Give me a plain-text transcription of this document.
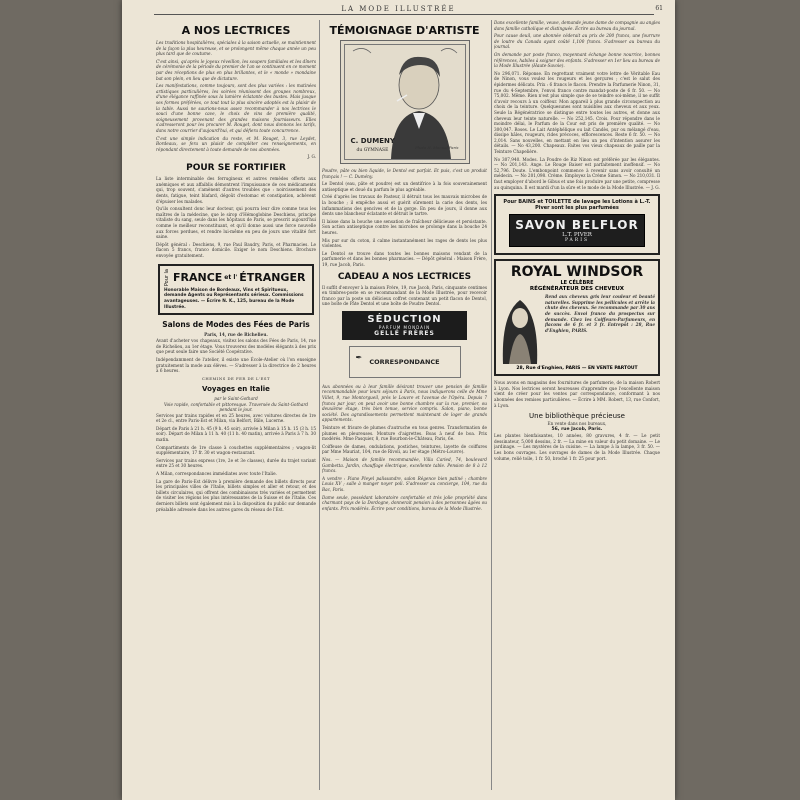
LA MODE ILLUSTRÉE	61
A NOS LECTRICES

Les traditions hospitalières, spéciales à la saison actuelle, se maintiennent de la façon la plus heureuse, et se prolongent même chaque année un peu plus tard que de coutume.

C'est ainsi, qu'après le joyeux réveillon, les soupers familiales et les dîners de cérémonie de la période du premier de l'an se continuent en ce moment par des réceptions de plus en plus brillantes, et le « monde » mondaine bat son plein, en lieu que de dictature.

Les manifestations, comme toujours, sont des plus variées : les matinées artistiques particulières, les soirées réunissent des groupes nombreux, d'une élégance raffinée sous la lumière éclatante des bustes. Mais jusque ses formes préférées, ce tout tout la plus sincère adoptés est la plaisir de la table. Aussi ne saurions-nous assez recommander à nos lectrices le souci d'une bonne cave, le choix de vins de première qualité, soigneusement provenant des grandes maisons fournisseurs. Elles s'adresseront pour les procurer M. Rouget, dont nous donnons les tarifs, dans notre courrier d'aujourd'hui, et qui défiera toute concurrence.

C'est une simple indication du reste, et M. Rouget, 3, rue Leydet, Bordeaux, se fera un plaisir de compléter ces renseignements, en répondant directement à toute demande de nos abonnées.

J. G.
POUR SE FORTIFIER

La liste interminable des ferrugineux et autres remèdes offerts aux anémiques et aux affaiblis démontrent l'impuissance de ces médicaments qui, trop souvent, s'amènent d'autres troubles que : noircissement des dents, fatigue, teint blafard, dégoût d'estomac et constipation, achèvent d'épuiser les malades.

Qu'ils consultent donc leur docteur, qui pourra leur dire comme tous les maîtres de la médecine, que le sirop d'Hémoglobine Deschiens, principe vitaliste du sang, seule dans les hôpitaux de Paris, se prescrit aujourd'hui comme le meilleur reconstituant, et qu'il donne aussi une force nouvelle aux forces perdues, et rendre lui-même en peu de jours une vitalité fort saine.

Dépôt général : Deschiens, 9, rue Paul Baudry, Paris, et Pharmacies. Le flacon 5 francs, franco domicile. Exiger le nom Deschiens. Brochure envoyée gratuitement.

Pour la FRANCE et l' ÉTRANGER
Honorable Maison de Bordeaux, Vins et Spiritueux, demande Agents ou Représentants sérieux. Commissions avantageuses. — Écrire N. K., 125, bureau de la Mode Illustrée.
Salons de Modes des Fées de Paris
Paris, 14, rue de Richelieu.

Avant d'acheter vos chapeaux, visitez les salons des Fées de Paris, 14, rue de Richelieu, au 1er étage. Vous trouverez des modèles élégants à des prix que peut seule faire une Société Coopérative.

Indépendamment de l'atelier, il existe une École-Atelier où l'on enseigne gratuitement la mode aux élèves. — S'adresser à la directrice de 2 heures à 6 heures.

CHEMINS DE FER DE L'EST
Voyages en Italie
par le Saint-Gothard
Voie rapide, confortable et pittoresque. Traversée du Saint-Gothard pendant le jour.

Services par trains rapides et en 25 heures, avec voitures directes de 1re et 2e cl., entre Paris-Est et Milan, via Belfort, Bâle, Lucerne.

Départ de Paris à 21 h. 45 (9 h. 45 soir), arrivée à Milan à 15 h. 15 (3 h. 15 soir). Départ de Milan à 11 h. 40 (11 h. 40 matin), arrivée à Paris à 7 h. 30 matin.

Compartiments de 1re classe à couchettes supplémentaires ; wagon-lit supplémentaire, 17 fr. 30 et wagon-restaurant.

Services par trains express (1re, 2e et 3e classes), durée du trajet variant entre 25 et 30 heures.

A Milan, correspondances immédiates avec toute l'Italie.

La gare de Paris-Est délivre à première demande des billets directs pour les principales villes de l'Italie, billets simples et aller et retour, et des billets circulaires, qui offrent des combinaisons très variées et permettent de visiter les régions les plus intéressantes de la Suisse et de l'Italie. Ces derniers billets sont également mis à la disposition du public sur demande préalable adressée dans les autres gares du réseau de l'Est.

TÉMOIGNAGE D'ARTISTE
C. DUMENY
du GYMNASE
Photo H. Manuel Paris

Poudre, pâte ou bien liquide, le Dentol est parfait. Et puis, c'est un produit français ! — C. Dumény.

Le Dentol (eau, pâte et poudre) est un dentifrice à la fois souverainement antiseptique et doué du parfum le plus agréable.

Créé d'après les travaux de Pasteur, il détruit tous les mauvais microbes de la bouche ; il empêche aussi et guérit sûrement la carie des dents, les inflammations des gencives et de la gorge. En peu de jours, il donne aux dents une blancheur éclatante et détruit le tartre.

Il laisse dans la bouche une sensation de fraîcheur délicieuse et persistante. Son action antiseptique contre les microbes se prolonge dans la bouche 24 heures.

Mis pur sur du coton, il calme instantanément les rages de dents les plus violentes.

Le Dentol se trouve dans toutes les bonnes maisons vendant de la parfumerie et dans les bonnes pharmacies. — Dépôt général : Maison Frère, 19, rue Jacob, Paris.

CADEAU A NOS LECTRICES

Il suffit d'envoyer à la maison Frère, 19, rue Jacob, Paris, cinquante centimes en timbres-poste en se recommandant de la Mode Illustrée, pour recevoir franco par la poste un délicieux coffret contenant un petit flacon de Dentol, une boîte de Pâte Dentol et une boîte de Poudre Dentol.

SÉDUCTION
PARFUM MONDAIN
GELLÉ FRÈRES
✒ CORRESPONDANCE

Aux abonnées ou à leur famille désirant trouver une pension de famille recommandable pour leurs séjours à Paris, nous indiquerons celle de Mme Villet, 9, rue Montorgueil, près le Louvre et l'avenue de l'Opéra. Depuis 7 francs par jour, on peut avoir une bonne chambre sur la rue, premier, ou deuxième étage, très bien tenue, service compris. Salon, piano, bonne société. Des agrandissements permettent maintenant de loger de grands appartements.

Teinture et frisure de plumes d'autruche en tous genres. Transformation de plumes en pleureuses. Monture d'aigrettes. Boas à neuf de boa. Prix modérés. Mme Pasquier, 8, rue Bourbon-le-Château, Paris, 6e.

Coiffeuse de dames, ondulations, postiches, teintures, layette de coiffures par Mme Mauriat, 104, rue de Rivoli, au 1er étage (Métro-Louvre).

Nos. — Maison de famille recommandée, Villa Caried, 74, boulevard Gambetta. Jardin, chauffage électrique, excellente table. Pension de 8 à 12 francs.

A vendre : Piano Pleyel palissandre, salon Régence bien patiné ; chambre Louis XV ; salle à manger noyer poli. S'adresser au concierge, 104, rue du Bac, Paris.

Dame seule, possédant laboratoire confortable et très jolie propriété dans charmant pays de la Dordogne, donnerait pension à des personnes âgées ou enfants. Prix modérés. Écrire pour conditions, bureau de la Mode Illustrée.

Dans excellente famille, veuve, demande jeune dame de compagnie au angles dans famille catholique et distinguée. Écrire au bureau du journal.

Pour cause deuil, une abonnée céderait au prix de 200 francs, une fourrure de loutre du Canada ayant coûté 1,100 francs. S'adresser au bureau du journal.

On demande par poste franco, moyennant échange bonne nourrice, bonnes références, habiles à soigner des enfants. S'adresser en 1er lieu au bureau de la Mode Illustrée (Haute-Savoie).

No 296,071. Réponse. En regrettant vraiment votre lettre de Véritable Eau de Ninon, vous voulez les rougeurs et les gerçures ; c'est le salut des épidermes délicats. Prix : 6 francs le flacon. Prendre la Parfumerie Ninon, 31, rue du 4-Septembre, l'envoi franco contre mandat-poste de 6 fr. 50. — No 75,002. Même. Rien n'est plus simple que de se teindre soi-même, il ne suffit d'avoir recours à un coiffeur. Mon appareil à plus grande circonspection au choix de la teinture. Quelquesunes sont nuisibles aux cheveux et aux yeux. Seule la Régénératrice se distingue entre toutes les autres, et donne aux cheveux leur teinte naturelle. — No 252,145. Crois. Pour répondre dans le moindre délai, le Parfum de la Cour est pris de première qualité. — No 300,047. Roses. Le Lait Antéphélique ou lait Candès, pur ou mélangé d'eau, dissipe hâles, rougeurs, rides précoces, efflorescences. Reste 6 fr. 50. — No 2,014. Sans nouvelles, en mettant en lieu un peu d'intention assurer les détails. — No 43,200. Chapeaux. Faites vos vieux chapeaux de paille par la Teinture Chapelière.

No 307,940. Modes. La Poudre de Riz Ninon est préférée par les élégantes. — No 201,143. Ange. Le Rouge Baiser est parfaitement inoffensif. — No 52,796. Doute. L'embonpoint commence à revenir sans avoir consulté un médecin. — No 201,098. Crème. Employez la Crème Simon. — No 210,031. Il faut employer d'abord le Gibus et une fois produire par une petite, compresse au quinquina. Il est mardi d'un la sûre et le mode de la Mode Illustrée. — J. G.

Pour BAINS et TOILETTE de lavage les Lotions à L.-T. Piver sont les plus parfumées
SAVON BELFLOR
L.T. PIVER
PARIS
ROYAL WINDSOR
LE CÉLÈBRE
RÉGÉNÉRATEUR DES CHEVEUX

Rend aux cheveux gris leur couleur et beauté naturelles. Supprime les pellicules et arrête la chute des cheveux. Se recommande par 30 ans de succès. Envoi franco du prospectus sur demande. Chez les Coiffeurs-Parfumeurs, en flacons de 6 fr. et 3 fr. Entrepôt : 28, Rue d'Enghien, PARIS.

28, Rue d'Enghien, PARIS — EN VENTE PARTOUT

Nous avons en magasins des fournitures de parfumerie, de la maison Robert à Lyon. Nos lectrices seront heureuses d'apprendre que l'excellente maison vient de créer pour les ventes par correspondance, conformant à nos abonnées des remises particulières. — Écrire à MM. Robert, 13, rue Confort, à Lyon.

Une bibliothèque précieuse
En vente dans nos bureaux,
56, rue Jacob, Paris.

Les plantes bienfaisantes, 10 années, 80 gravures, 4 fr. — Le petit dessinateur, 5,000 dessins, 2 fr. — La mine en valeur du petit domaine. — Le jardinage. — Les mystères de la cuisine. — La lampe à la lampe, 3 fr. 50. — Les bons ouvrages. Les ouvrages de dames de la Mode Illustrée. Chaque volume, relié toile, 1 fr. 50, broché 1 fr. 25 pour port.
